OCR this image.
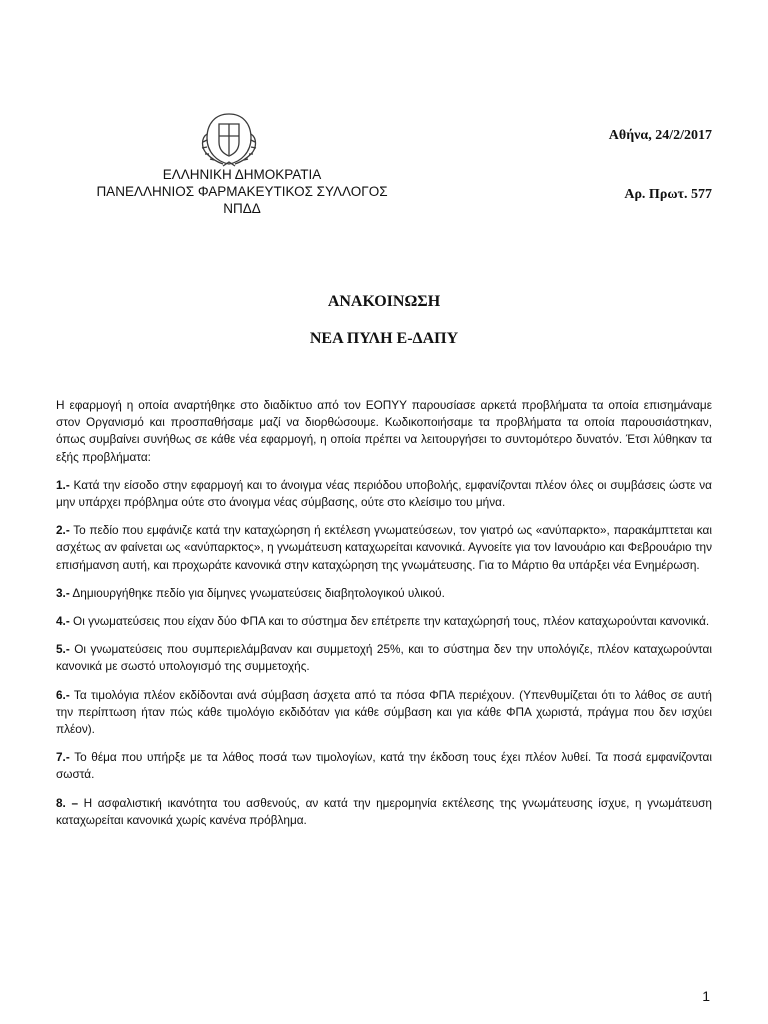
ΕΛΛΗΝΙΚΗ ΔΗΜΟΚΡΑΤΙΑ
ΠΑΝΕΛΛΗΝΙΟΣ ΦΑΡΜΑΚΕΥΤΙΚΟΣ ΣΥΛΛΟΓΟΣ
ΝΠΔΔ
Αθήνα, 24/2/2017
Αρ. Πρωτ. 577
ΑΝΑΚΟΙΝΩΣΗ
ΝΕΑ ΠΥΛΗ Ε-ΔΑΠΥ

Η εφαρμογή η οποία αναρτήθηκε στο διαδίκτυο από τον ΕΟΠΥΥ παρουσίασε αρκετά προβλήματα τα οποία επισημάναμε στον Οργανισμό και προσπαθήσαμε μαζί να διορθώσουμε. Κωδικοποιήσαμε τα προβλήματα τα οποία παρουσιάστηκαν, όπως συμβαίνει συνήθως σε κάθε νέα εφαρμογή, η οποία πρέπει να λειτουργήσει το συντομότερο δυνατόν. Έτσι λύθηκαν τα εξής προβλήματα:

1.- Κατά την είσοδο στην εφαρμογή και το άνοιγμα νέας περιόδου υποβολής, εμφανίζονται πλέον όλες οι συμβάσεις ώστε να μην υπάρχει πρόβλημα ούτε στο άνοιγμα νέας σύμβασης, ούτε στο κλείσιμο του μήνα.

2.- Το πεδίο που εμφάνιζε κατά την καταχώρηση ή εκτέλεση γνωματεύσεων, τον γιατρό ως «ανύπαρκτο», παρακάμπτεται και ασχέτως αν φαίνεται ως «ανύπαρκτος», η γνωμάτευση καταχωρείται κανονικά. Αγνοείτε για τον Ιανουάριο και Φεβρουάριο την επισήμανση αυτή, και προχωράτε κανονικά στην καταχώρηση της γνωμάτευσης. Για το Μάρτιο θα υπάρξει νέα Ενημέρωση.

3.- Δημιουργήθηκε πεδίο για δίμηνες γνωματεύσεις διαβητολογικού υλικού.

4.- Οι γνωματεύσεις που είχαν δύο ΦΠΑ και το σύστημα δεν επέτρεπε την καταχώρησή τους, πλέον καταχωρούνται κανονικά.

5.- Οι γνωματεύσεις που συμπεριελάμβαναν και συμμετοχή 25%, και το σύστημα δεν την υπολόγιζε, πλέον καταχωρούνται κανονικά με σωστό υπολογισμό της συμμετοχής.

6.- Τα τιμολόγια πλέον εκδίδονται ανά σύμβαση άσχετα από τα πόσα ΦΠΑ περιέχουν. (Υπενθυμίζεται ότι το λάθος σε αυτή την περίπτωση ήταν πώς κάθε τιμολόγιο εκδιδόταν για κάθε σύμβαση και για κάθε ΦΠΑ χωριστά, πράγμα που δεν ισχύει πλέον).

7.- Το θέμα που υπήρξε με τα λάθος ποσά των τιμολογίων, κατά την έκδοση τους έχει πλέον λυθεί. Τα ποσά εμφανίζονται σωστά.

8. – Η ασφαλιστική ικανότητα του ασθενούς, αν κατά την ημερομηνία εκτέλεσης της γνωμάτευσης ίσχυε, η γνωμάτευση καταχωρείται κανονικά χωρίς κανένα πρόβλημα.

1
